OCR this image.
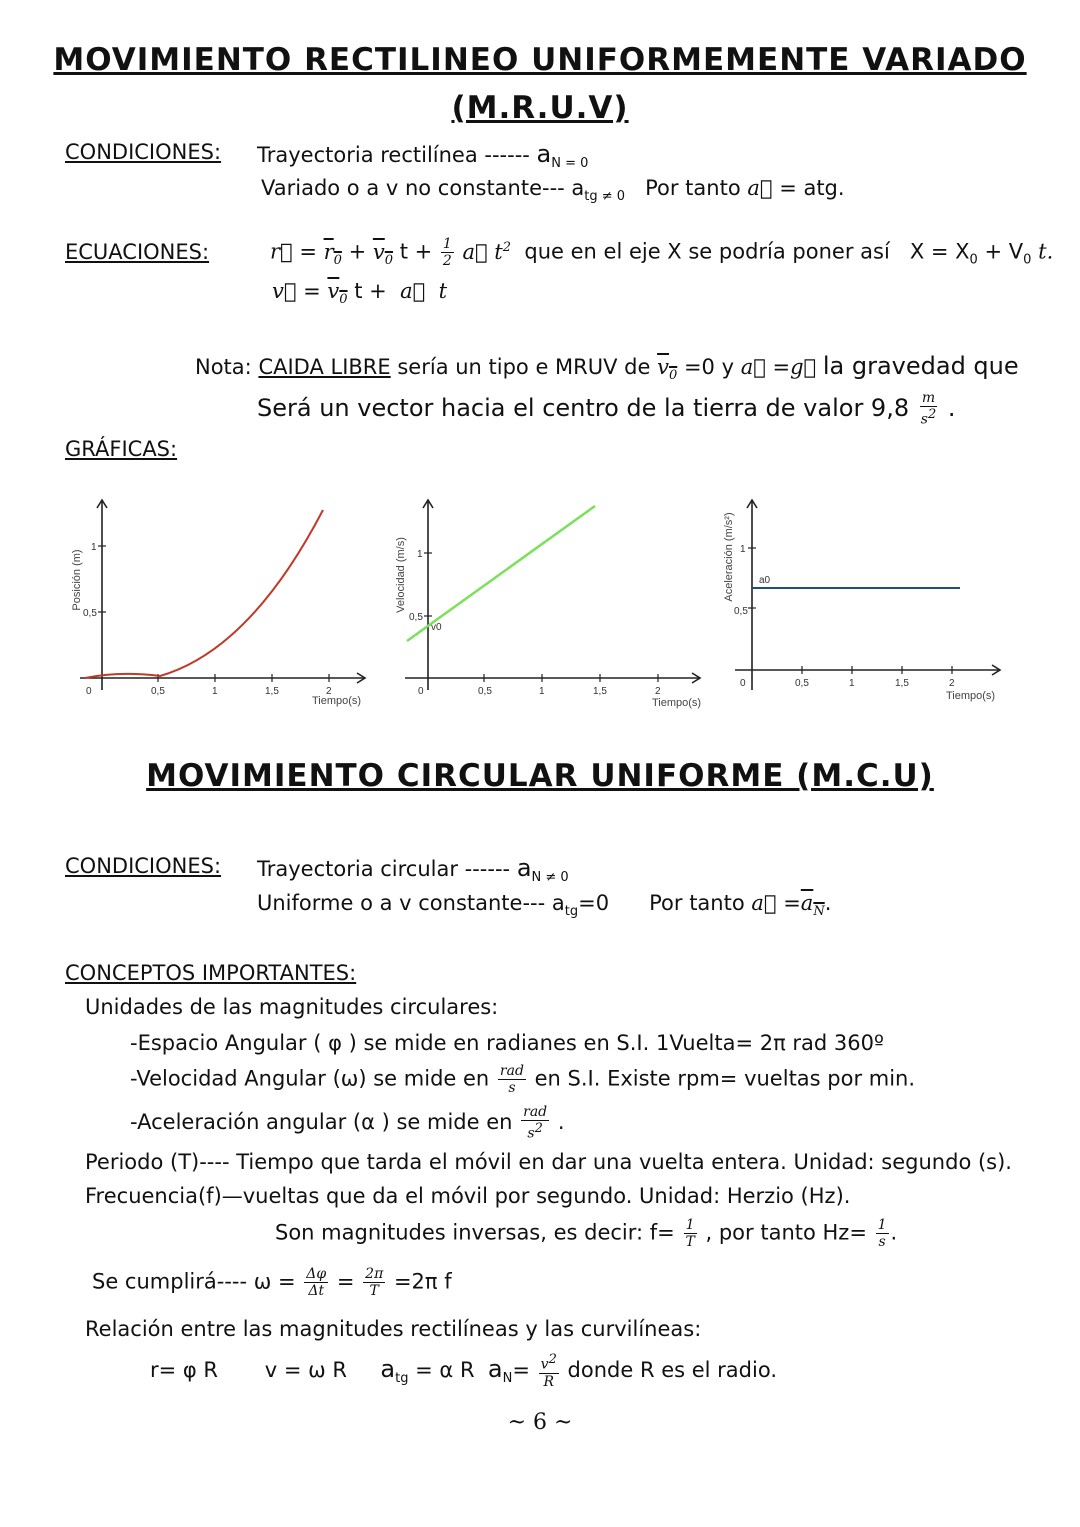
MOVIMIENTO RECTILINEO UNIFORMEMENTE VARIADO
(M.R.U.V)
CONDICIONES: Trayectoria rectilínea ------ $a_{N = 0}$
Variado o a v no constante--- $a_{tg \ne 0}$ Por tanto a⃗ = atg.
ECUACIONES:	r⃗ = $r_0 + v_0$ $t + \frac{1}{2}$ a⃗ $t^2$ que en el eje X se podría poner así $X = X_0 + V_0$ t.
v⃗ = $v_0$ t +  a⃗ t
Nota: CAIDA LIBRE sería un tipo e MRUV de $v_0 =0$ y a⃗ =g⃗ la gravedad que
Será un vector hacia el centro de la tierra de valor $9,8 \frac{m}{s^2}$ .
GRÁFICAS:
1
0,5
0	0,5	1	1,5	2
Tiempo(s)
Posición (m)	1
0,5
0	0,5	1	1,5	2
Tiempo(s)
Velocidad (m/s)
v0
1
0,5
0	0,5	1	1,5	2
Tiempo(s)
Aceleración (m/s²) a0
MOVIMIENTO CIRCULAR UNIFORME (M.C.U)
CONDICIONES: Trayectoria circular ------ $a_{N \ne 0}$
Uniforme o a v constante--- $a_{tg}=0$ Por tanto a⃗ $=a_N$.
CONCEPTOS IMPORTANTES:
Unidades de las magnitudes circulares:
-Espacio Angular ( φ ) se mide en radianes en S.I. 1Vuelta= 2π rad 360º
-Velocidad Angular (ω) se mide en $\frac{\text{rad}}{s}$ en S.I. Existe rpm= vueltas por min.
-Aceleración angular (α ) se mide en $\frac{\text{rad}}{s^2}$ .
Periodo (T)---- Tiempo que tarda el móvil en dar una vuelta entera. Unidad: segundo (s).
Frecuencia(f)—vueltas que da el móvil por segundo. Unidad: Herzio (Hz).
Son magnitudes inversas, es decir: $f= \frac{1}{T}$ , por tanto $Hz= \frac{1}{s}$ .
Se cumplirá---- $\omega = \frac{\Delta\varphi}{\Delta t} = \frac{2\pi}{T} =2\pi$ f
Relación entre las magnitudes rectilíneas y las curvilíneas:
r= φ R v = ω R $a_{tg} = \alpha$ R $a_N= \frac{v^2}{R}$ donde R es el radio.
~ 6 ~
